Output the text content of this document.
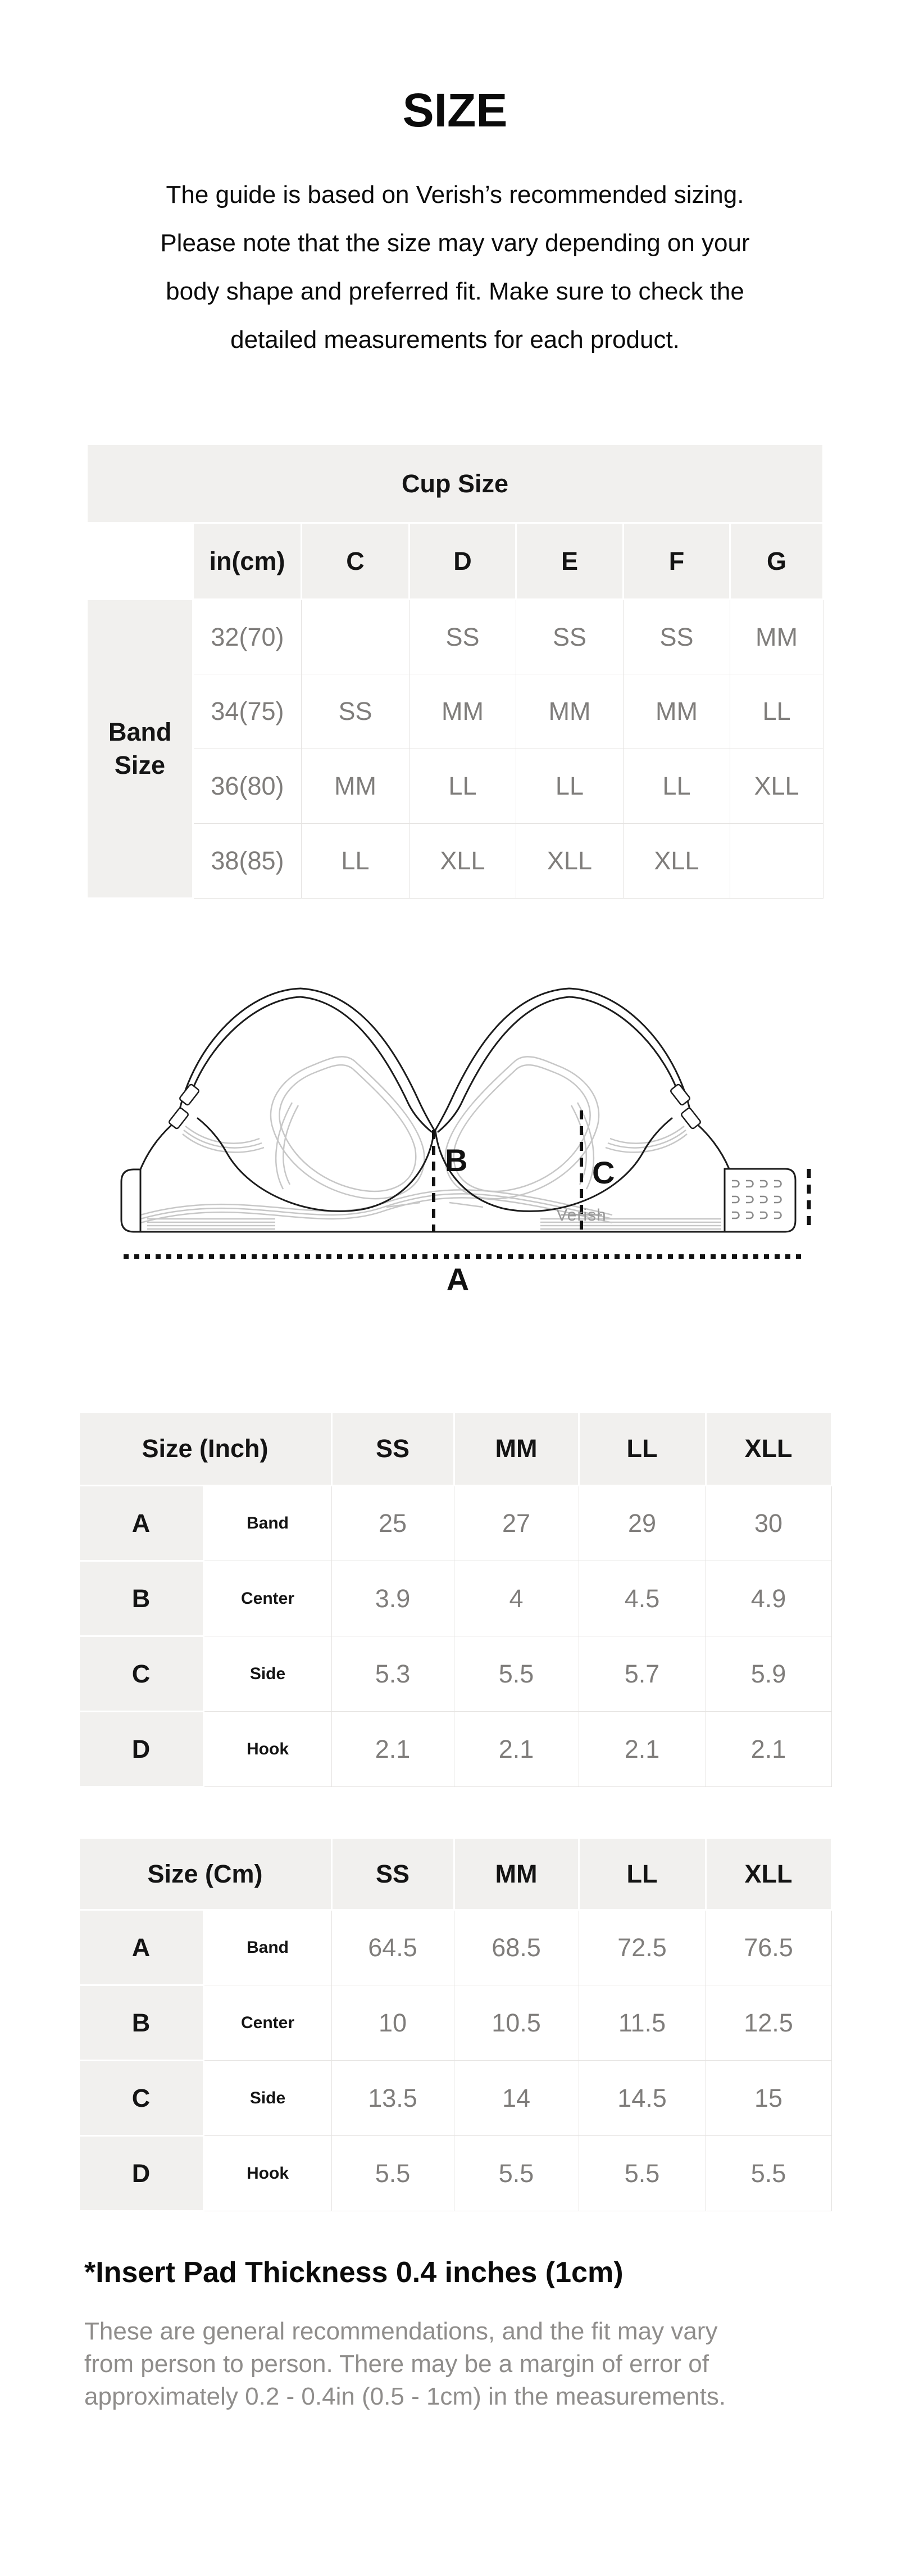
SIZE

The guide is based on Verish’s recommended sizing.
Please note that the size may vary depending on your
body shape and preferred fit. Make sure to check the
detailed measurements for each product.

Cup Size						
	in(cm)	C	D	E	F	G

Band Size	32(70)		SS	SS	SS	MM
	34(75)	SS	MM	MM	MM	LL
	36(80)	MM	LL	LL	LL	XLL
	38(85)	LL	XLL	XLL	XLL	
B	C
A
Verish
Size (Inch)		SS	MM	LL	XLL
A	Band	25	27	29	30
B	Center	3.9	4	4.5	4.9
C	Side	5.3	5.5	5.7	5.9
D	Hook	2.1	2.1	2.1	2.1
Size (Cm)		SS	MM	LL	XLL
A	Band	64.5	68.5	72.5	76.5
B	Center	10	10.5	11.5	12.5
C	Side	13.5	14	14.5	15
D	Hook	5.5	5.5	5.5	5.5

*Insert Pad Thickness 0.4 inches (1cm)

These are general recommendations, and the fit may vary
from person to person. There may be a margin of error of
approximately 0.2 - 0.4in (0.5 - 1cm) in the measurements.
